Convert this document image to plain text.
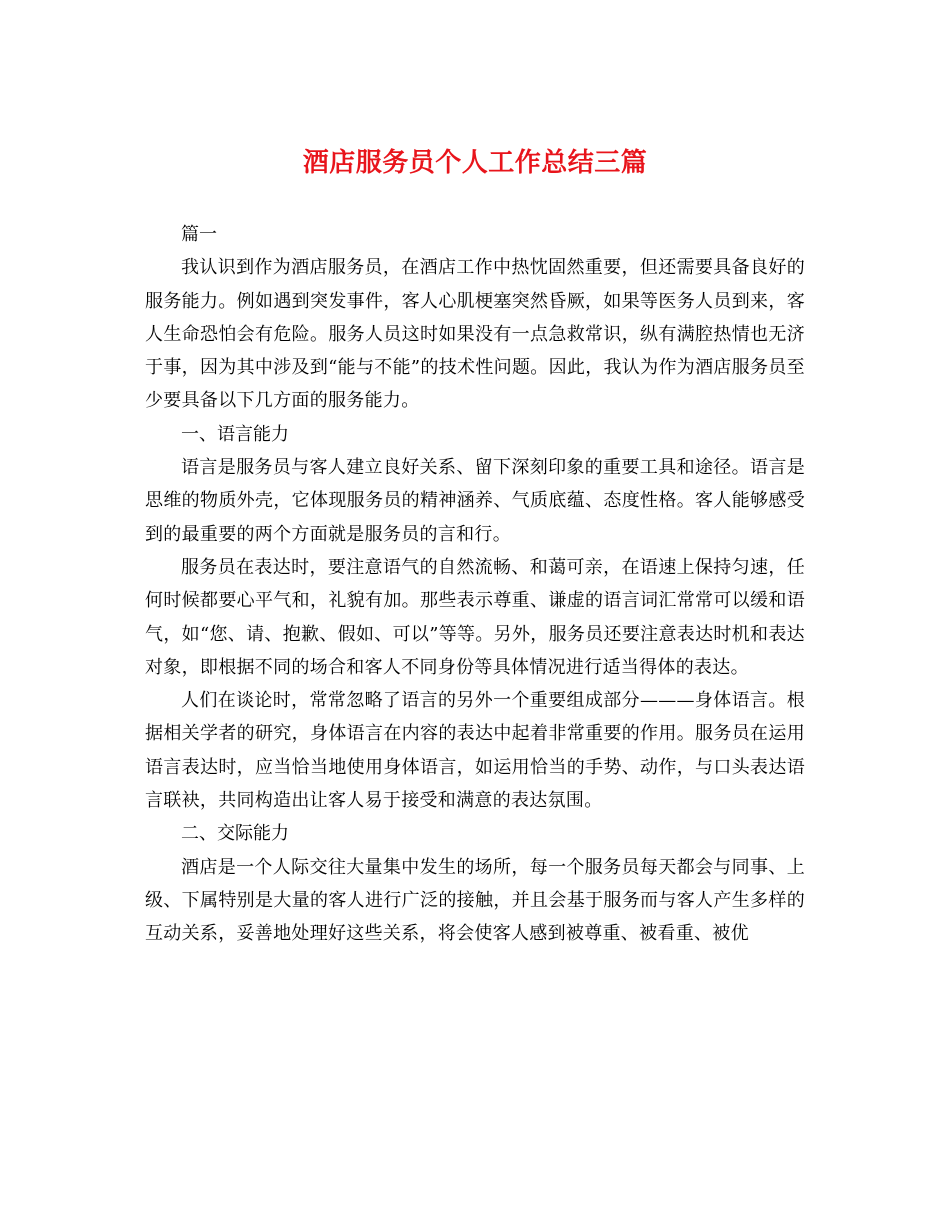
酒店服务员个人工作总结三篇

篇一

我认识到作为酒店服务员，在酒店工作中热忱固然重要，但还需要具备良好的服务能力。例如遇到突发事件，客人心肌梗塞突然昏厥，如果等医务人员到来，客人生命恐怕会有危险。服务人员这时如果没有一点急救常识，纵有满腔热情也无济于事，因为其中涉及到“能与不能”的技术性问题。因此，我认为作为酒店服务员至少要具备以下几方面的服务能力。

一、语言能力

语言是服务员与客人建立良好关系、留下深刻印象的重要工具和途径。语言是思维的物质外壳，它体现服务员的精神涵养、气质底蕴、态度性格。客人能够感受到的最重要的两个方面就是服务员的言和行。

服务员在表达时，要注意语气的自然流畅、和蔼可亲，在语速上保持匀速，任何时候都要心平气和，礼貌有加。那些表示尊重、谦虚的语言词汇常常可以缓和语气，如“您、请、抱歉、假如、可以”等等。另外，服务员还要注意表达时机和表达对象，即根据不同的场合和客人不同身份等具体情况进行适当得体的表达。

人们在谈论时，常常忽略了语言的另外一个重要组成部分———身体语言。根据相关学者的研究，身体语言在内容的表达中起着非常重要的作用。服务员在运用语言表达时，应当恰当地使用身体语言，如运用恰当的手势、动作，与口头表达语言联袂，共同构造出让客人易于接受和满意的表达氛围。

二、交际能力

酒店是一个人际交往大量集中发生的场所，每一个服务员每天都会与同事、上级、下属特别是大量的客人进行广泛的接触，并且会基于服务而与客人产生多样的互动关系，妥善地处理好这些关系，将会使客人感到被尊重、被看重、被优
